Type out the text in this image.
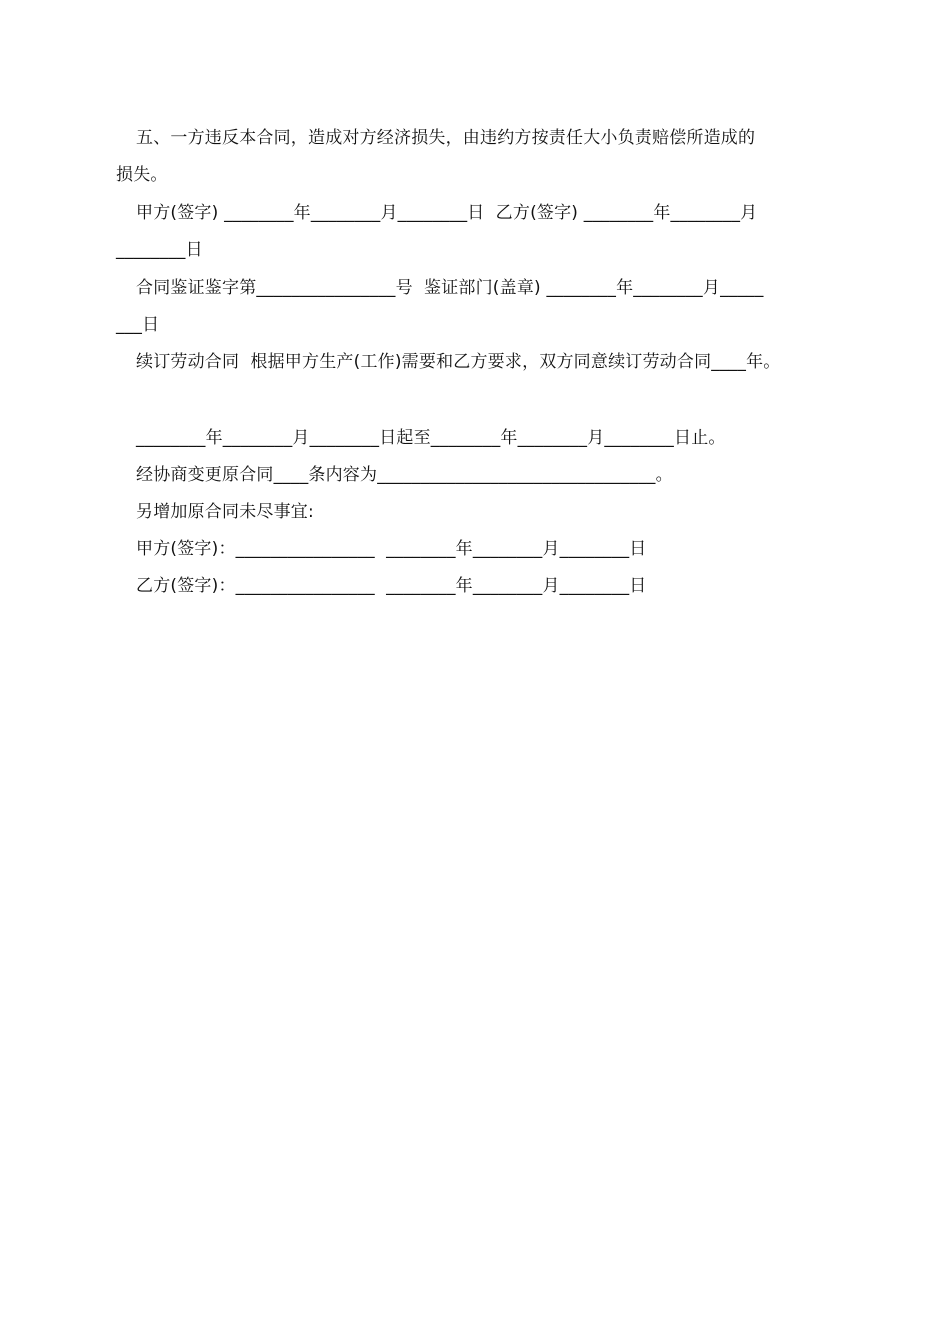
五、一方违反本合同，造成对方经济损失，由违约方按责任大小负责赔偿所造成的
损失。
甲方(签字) ________年________月________日  乙方(签字) ________年________月
________日
合同鉴证鉴字第________________号  鉴证部门(盖章) ________年________月_____
___日
续订劳动合同  根据甲方生产(工作)需要和乙方要求，双方同意续订劳动合同____年。
________年________月________日起至________年________月________日止。
经协商变更原合同____条内容为________________________________。
另增加原合同未尽事宜:
甲方(签字)：________________  ________年________月________日
乙方(签字)：________________  ________年________月________日
